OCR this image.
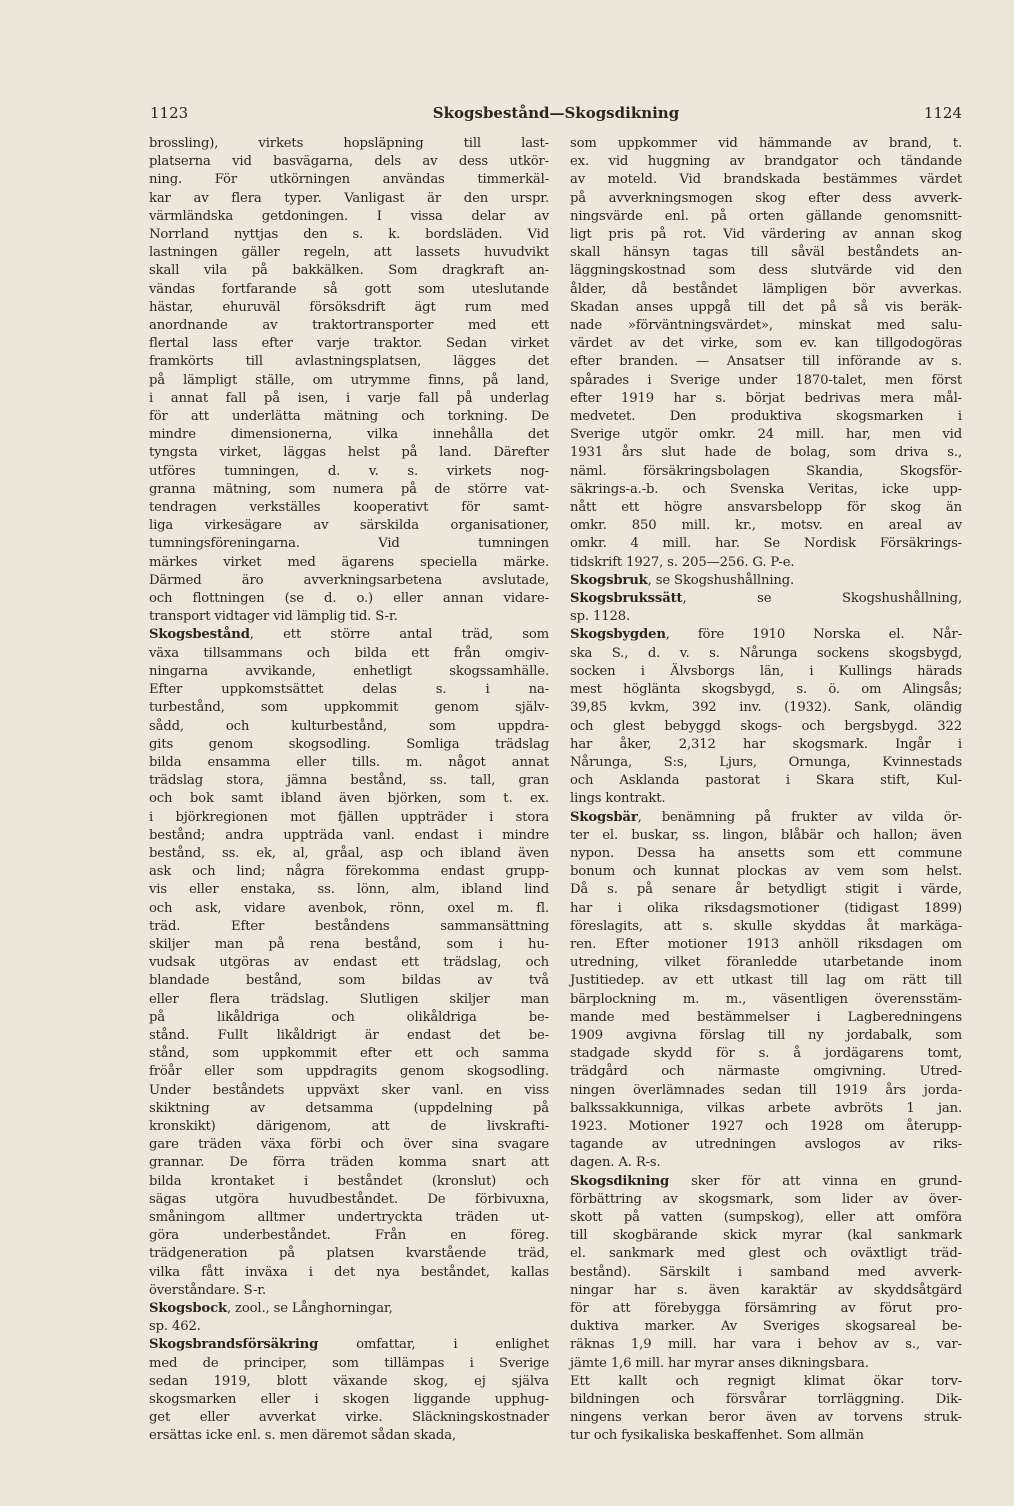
1123	Skogsbestånd—Skogsdikning	1124
brossling), virkets hopsläpning till last-
platserna vid basvägarna, dels av dess utkör-
ning. För utkörningen användas timmerkäl-
kar av flera typer. Vanligast är den urspr.
värmländska getdoningen. I vissa delar av
Norrland nyttjas den s. k. bordsläden. Vid
lastningen gäller regeln, att lassets huvudvikt
skall vila på bakkälken. Som dragkraft an-
vändas fortfarande så gott som uteslutande
hästar, ehuruväl försöksdrift ägt rum med
anordnande av traktortransporter med ett
flertal lass efter varje traktor. Sedan virket
framkörts till avlastningsplatsen, lägges det
på lämpligt ställe, om utrymme finns, på land,
i annat fall på isen, i varje fall på underlag
för att underlätta mätning och torkning. De
mindre dimensionerna, vilka innehålla det
tyngsta virket, läggas helst på land. Därefter
utföres tumningen, d. v. s. virkets nog-
granna mätning, som numera på de större vat-
tendragen verkställes kooperativt för samt-
liga virkesägare av särskilda organisationer,
tumningsföreningarna. Vid tumningen
märkes virket med ägarens speciella märke.
Därmed äro avverkningsarbetena avslutade,
och flottningen (se d. o.) eller annan vidare-
transport vidtager vid lämplig tid. S-r.
Skogsbestånd, ett större antal träd, som
växa tillsammans och bilda ett från omgiv-
ningarna avvikande, enhetligt skogssamhälle.
Efter uppkomstsättet delas s. i na-
turbestånd, som uppkommit genom själv-
sådd, och kulturbestånd, som uppdra-
gits genom skogsodling. Somliga trädslag
bilda ensamma eller tills. m. något annat
trädslag stora, jämna bestånd, ss. tall, gran
och bok samt ibland även björken, som t. ex.
i björkregionen mot fjällen uppträder i stora
bestånd; andra uppträda vanl. endast i mindre
bestånd, ss. ek, al, gråal, asp och ibland även
ask och lind; några förekomma endast grupp-
vis eller enstaka, ss. lönn, alm, ibland lind
och ask, vidare avenbok, rönn, oxel m. fl.
träd. Efter beståndens sammansättning
skiljer man på rena bestånd, som i hu-
vudsak utgöras av endast ett trädslag, och
blandade bestånd, som bildas av två
eller flera trädslag. Slutligen skiljer man
på likåldriga och olikåldriga be-
stånd. Fullt likåldrigt är endast det be-
stånd, som uppkommit efter ett och samma
fröår eller som uppdragits genom skogsodling.
Under beståndets uppväxt sker vanl. en viss
skiktning av detsamma (uppdelning på
kronskikt) därigenom, att de livskrafti-
gare träden växa förbi och över sina svagare
grannar. De förra träden komma snart att
bilda krontaket i beståndet (kronslut) och
sägas utgöra huvudbeståndet. De förbivuxna,
småningom alltmer undertryckta träden ut-
göra underbeståndet. Från en föreg.
trädgeneration på platsen kvarstående träd,
vilka fått inväxa i det nya beståndet, kallas
överståndare. S-r.
Skogsbock, zool., se Långhorningar,
sp. 462.
Skogsbrandsförsäkring omfattar, i enlighet
med de principer, som tillämpas i Sverige
sedan 1919, blott växande skog, ej själva
skogsmarken eller i skogen liggande upphug-
get eller avverkat virke. Släckningskostnader
ersättas icke enl. s. men däremot sådan skada,
som uppkommer vid hämmande av brand, t.
ex. vid huggning av brandgator och tändande
av moteld. Vid brandskada bestämmes värdet
på avverkningsmogen skog efter dess avverk-
ningsvärde enl. på orten gällande genomsnitt-
ligt pris på rot. Vid värdering av annan skog
skall hänsyn tagas till såväl beståndets an-
läggningskostnad som dess slutvärde vid den
ålder, då beståndet lämpligen bör avverkas.
Skadan anses uppgå till det på så vis beräk-
nade »förväntningsvärdet», minskat med salu-
värdet av det virke, som ev. kan tillgodogöras
efter branden. — Ansatser till införande av s.
spårades i Sverige under 1870-talet, men först
efter 1919 har s. börjat bedrivas mera mål-
medvetet. Den produktiva skogsmarken i
Sverige utgör omkr. 24 mill. har, men vid
1931 års slut hade de bolag, som driva s.,
näml. försäkringsbolagen Skandia, Skogsför-
säkrings-a.-b. och Svenska Veritas, icke upp-
nått ett högre ansvarsbelopp för skog än
omkr. 850 mill. kr., motsv. en areal av
omkr. 4 mill. har. Se Nordisk Försäkrings-
tidskrift 1927, s. 205—256. G. P-e.
Skogsbruk, se Skogshushållning.
Skogsbrukssätt, se Skogshushållning,
sp. 1128.
Skogsbygden, före 1910 Norska el. Når-
ska S., d. v. s. Nårunga sockens skogsbygd,
socken i Älvsborgs län, i Kullings härads
mest höglänta skogsbygd, s. ö. om Alingsås;
39,85 kvkm, 392 inv. (1932). Sank, oländig
och glest bebyggd skogs- och bergsbygd. 322
har åker, 2,312 har skogsmark. Ingår i
Nårunga, S:s, Ljurs, Ornunga, Kvinnestads
och Asklanda pastorat i Skara stift, Kul-
lings kontrakt.
Skogsbär, benämning på frukter av vilda ör-
ter el. buskar, ss. lingon, blåbär och hallon; även
nypon. Dessa ha ansetts som ett commune
bonum och kunnat plockas av vem som helst.
Då s. på senare år betydligt stigit i värde,
har i olika riksdagsmotioner (tidigast 1899)
föreslagits, att s. skulle skyddas åt markäga-
ren. Efter motioner 1913 anhöll riksdagen om
utredning, vilket föranledde utarbetande inom
Justitiedep. av ett utkast till lag om rätt till
bärplockning m. m., väsentligen överensstäm-
mande med bestämmelser i Lagberedningens
1909 avgivna förslag till ny jordabalk, som
stadgade skydd för s. å jordägarens tomt,
trädgård och närmaste omgivning. Utred-
ningen överlämnades sedan till 1919 års jorda-
balkssakkunniga, vilkas arbete avbröts 1 jan.
1923. Motioner 1927 och 1928 om återupp-
tagande av utredningen avslogos av riks-
dagen. A. R-s.
Skogsdikning sker för att vinna en grund-
förbättring av skogsmark, som lider av över-
skott på vatten (sumpskog), eller att omföra
till skogbärande skick myrar (kal sankmark
el. sankmark med glest och oväxtligt träd-
bestånd). Särskilt i samband med avverk-
ningar har s. även karaktär av skyddsåtgärd
för att förebygga försämring av förut pro-
duktiva marker. Av Sveriges skogsareal be-
räknas 1,9 mill. har vara i behov av s., var-
jämte 1,6 mill. har myrar anses dikningsbara.
Ett kallt och regnigt klimat ökar torv-
bildningen och försvårar torrläggning. Dik-
ningens verkan beror även av torvens struk-
tur och fysikaliska beskaffenhet. Som allmän
